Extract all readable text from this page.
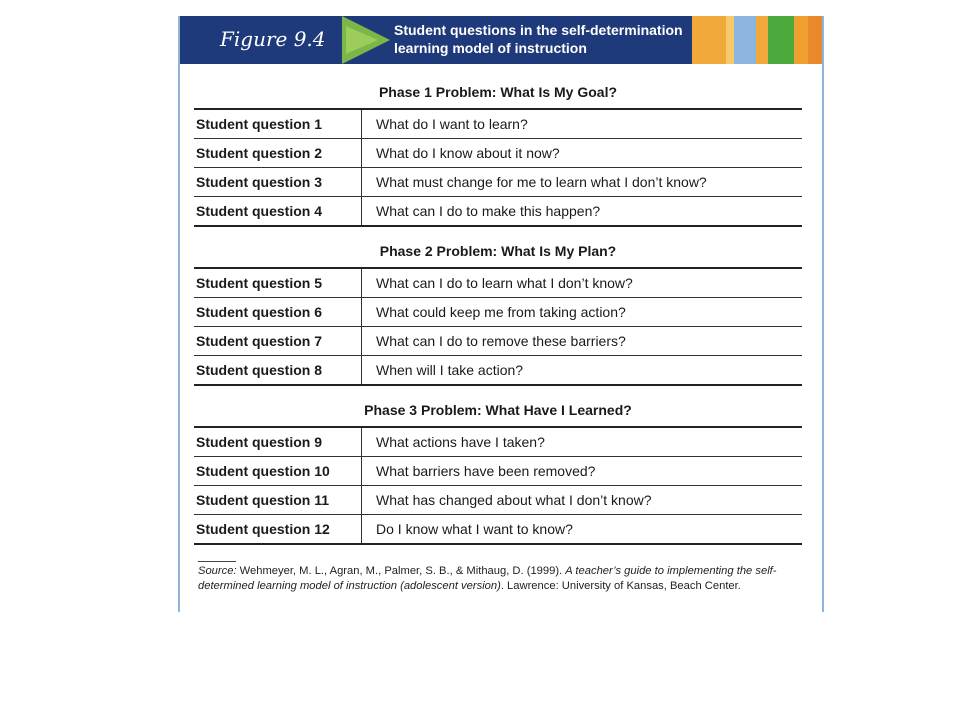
Figure 9.4	Student questions in the self-determination learning model of instruction
Phase 1 Problem: What Is My Goal?
Student question 1	What do I want to learn?
Student question 2	What do I know about it now?
Student question 3	What must change for me to learn what I don’t know?
Student question 4	What can I do to make this happen?
Phase 2 Problem: What Is My Plan?
Student question 5	What can I do to learn what I don’t know?
Student question 6	What could keep me from taking action?
Student question 7	What can I do to remove these barriers?
Student question 8	When will I take action?
Phase 3 Problem: What Have I Learned?
Student question 9	What actions have I taken?
Student question 10	What barriers have been removed?
Student question 11	What has changed about what I don’t know?
Student question 12	Do I know what I want to know?
Source: Wehmeyer, M. L., Agran, M., Palmer, S. B., & Mithaug, D. (1999). A teacher’s guide to implementing the self-determined learning model of instruction (adolescent version). Lawrence: University of Kansas, Beach Center.
